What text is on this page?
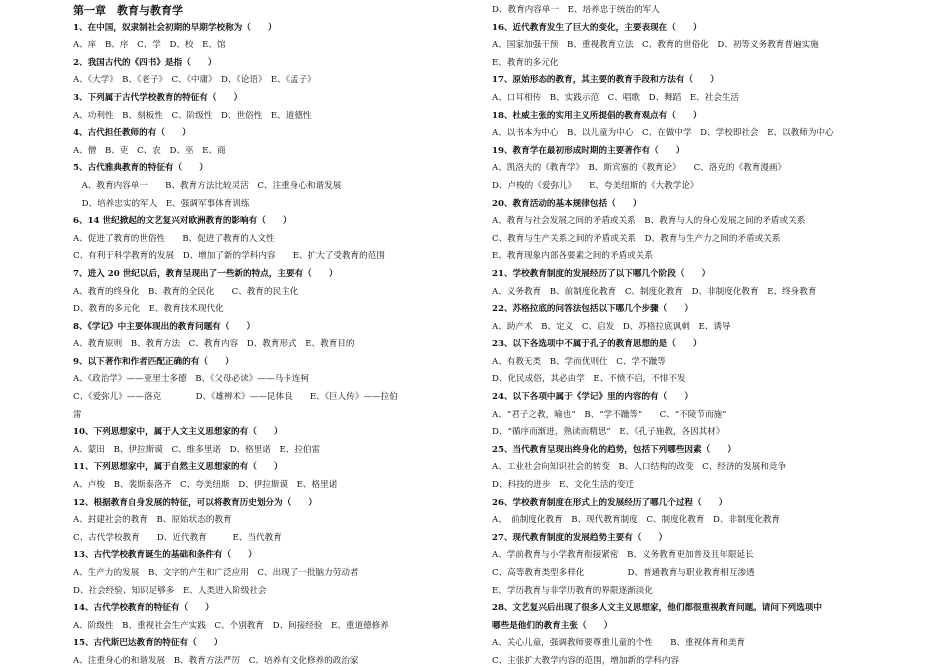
第一章　教育与教育学
1、在中国，奴隶制社会初期的早期学校称为（　　）
A、庠　B、序　C、学　D、校　E、馆
2、我国古代的《四书》是指（　　）
A、《大学》　B、《老子》　C、《中庸》　D、《论语》　E、《孟子》
3、下列属于古代学校教育的特征有（　　）
A、功利性　B、刻板性　C、阶级性　D、世俗性　E、道德性
4、古代担任教师的有（　　）
A、僧　B、吏　C、农　D、巫　E、商
5、古代雅典教育的特征有（　　）
　A、教育内容单一　　B、教育方法比较灵活　C、注重身心和谐发展
　D、培养忠实的军人　E、强调军事体育训练
6、14 世纪掀起的文艺复兴对欧洲教育的影响有（　　）
A、促进了教育的世俗性　　B、促进了教育的人文性
C、有利于科学教育的发展　D、增加了新的学科内容　　E、扩大了受教育的范围
7、进入 20 世纪以后，教育呈现出了一些新的特点，主要有（　　）
A、教育的终身化　B、教育的全民化　　C、教育的民主化
D、教育的多元化　E、教育技术现代化
8、《学记》中主要体现出的教育问题有（　　）
A、教育原则　B、教育方法　C、教育内容　D、教育形式　E、教育目的
9、以下著作和作者匹配正确的有（　　）
A、《政治学》——亚里士多德　B、《父母必读》——马卡连柯
C、《爱弥儿》——洛克　　　　D、《雄辨术》——昆体良　　E、《巨人传》——拉伯
雷
10、下列思想家中，属于人文主义思想家的有（　　）
A、蒙田　B、伊拉斯谟　C、维多里诺　D、格里诺　E、拉伯雷
11、下列思想家中，属于自然主义思想家的有（　　）
A、卢梭　B、裴斯泰洛齐　C、夸美纽斯　D、伊拉斯谟　E、格里诺
12、根据教育自身发展的特征，可以将教育历史划分为（　　）
A、封建社会的教育　B、原始状态的教育
C、古代学校教育　　D、近代教育　　　E、当代教育
13、古代学校教育诞生的基础和条件有（　　）
A、生产力的发展　B、文字的产生和广泛应用　C、出现了一批脑力劳动者
D、社会经验、知识足够多　E、人类进入阶级社会
14、古代学校教育的特征有（　　）
A、阶级性　B、重视社会生产实践　C、个别教育　D、间接经验　E、重道德修养
15、古代斯巴达教育的特征有（　　）
A、注重身心的和谐发展　B、教育方法严厉　C、培养有文化修养的政治家
D、教育内容单一　E、培养忠于统治的军人
16、近代教育发生了巨大的变化，主要表现在（　　）
A、国家加强干预　B、重视教育立法　C、教育的世俗化　D、初等义务教育普遍实施
E、教育的多元化
17、原始形态的教育，其主要的教育手段和方法有（　　）
A、口耳相传　B、实践示范　C、唱歌　D、舞蹈　E、社会生活
18、杜威主张的实用主义所提倡的教育观点有（　　）
A、以书本为中心　B、以儿童为中心　C、在做中学　D、学校即社会　E、以教师为中心
19、教育学在最初形成时期的主要著作有（　　）
A、凯洛夫的《教育学》　B、斯宾塞的《教育论》　　C、洛克的《教育漫画》
D、卢梭的《爱弥儿》　　E、夸美纽斯的《大教学论》
20、教育活动的基本规律包括（　　）
A、教育与社会发展之间的矛盾或关系　B、教育与人的身心发展之间的矛盾或关系
C、教育与生产关系之间的矛盾或关系　D、教育与生产力之间的矛盾或关系
E、教育现象内部各要素之间的矛盾或关系
21、学校教育制度的发展经历了以下哪几个阶段（　　）
A、义务教育　B、前制度化教育　C、制度化教育　D、非制度化教育　E、终身教育
22、苏格拉底的问答法包括以下哪几个步骤（　　）
A、助产术　B、定义　C、启发　D、苏格拉底讽刺　E、诱导
23、以下各选项中不属于孔子的教育思想的是（　　）
A、有教无类　B、学而优则仕　C、学不躐等
D、化民成俗，其必由学　E、不愤不启，不悱不发
24、以下各项中属于《学记》里的内容的有（　　）
A、“君子之教，喻也”　B、“学不躐等”　　C、“不陵节而施”
D、“循序而渐进，熟读而精思”　E、《孔子施教，各因其材》
25、当代教育呈现出终身化的趋势，包括下列哪些因素（　　）
A、工业社会向知识社会的转变　B、人口结构的改变　C、经济的发展和竞争
D、科技的进步　E、文化生活的变迁
26、学校教育制度在形式上的发展经历了哪几个过程（　　）
A、　前制度化教育　B、现代教育制度　C、制度化教育　D、非制度化教育
27、现代教育制度的发展趋势主要有（　　）
A、学前教育与小学教育衔接紧密　B、义务教育更加普及且年限延长
C、高等教育类型多样化　　　　　D、普通教育与职业教育相互渗透
E、学历教育与非学历教育的界限逐渐淡化
28、文艺复兴后出现了很多人文主义思想家，他们都很重视教育问题。请问下列选项中
哪些是他们的教育主张（　　）
A、关心儿童，强调教师要尊重儿童的个性　　B、重视体育和美育
C、主张扩大教学内容的范围，增加新的学科内容
